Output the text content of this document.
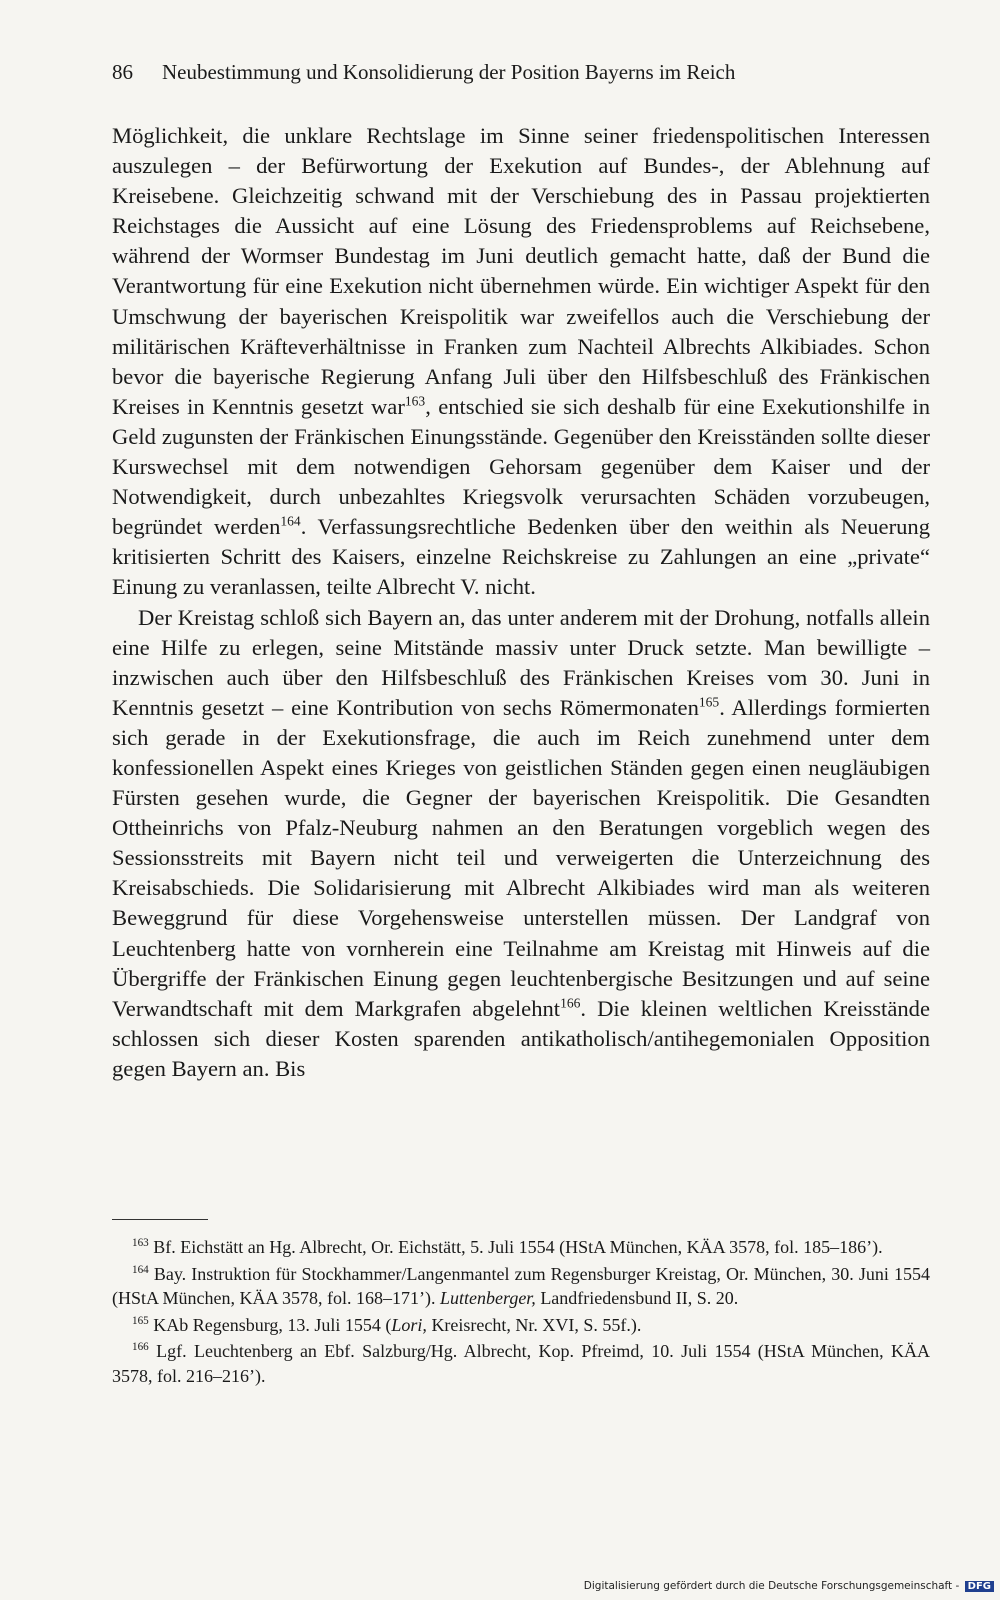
86 Neubestimmung und Konsolidierung der Position Bayerns im Reich

Möglichkeit, die unklare Rechtslage im Sinne seiner friedenspolitischen Interessen auszulegen – der Befürwortung der Exekution auf Bundes-, der Ablehnung auf Kreisebene. Gleichzeitig schwand mit der Verschiebung des in Passau projektierten Reichstages die Aussicht auf eine Lösung des Friedensproblems auf Reichsebene, während der Wormser Bundestag im Juni deutlich gemacht hatte, daß der Bund die Verantwortung für eine Exekution nicht übernehmen würde. Ein wichtiger Aspekt für den Umschwung der bayerischen Kreispolitik war zweifellos auch die Verschiebung der militärischen Kräfteverhältnisse in Franken zum Nachteil Albrechts Alkibiades. Schon bevor die bayerische Regierung Anfang Juli über den Hilfsbeschluß des Fränkischen Kreises in Kenntnis gesetzt war$^{163}$, entschied sie sich deshalb für eine Exekutionshilfe in Geld zugunsten der Fränkischen Einungsstände. Gegenüber den Kreisständen sollte dieser Kurswechsel mit dem notwendigen Gehorsam gegenüber dem Kaiser und der Notwendigkeit, durch unbezahltes Kriegsvolk verursachten Schäden vorzubeugen, begründet werden$^{164}$. Verfassungsrechtliche Bedenken über den weithin als Neuerung kritisierten Schritt des Kaisers, einzelne Reichskreise zu Zahlungen an eine „private“ Einung zu veranlassen, teilte Albrecht V. nicht.

Der Kreistag schloß sich Bayern an, das unter anderem mit der Drohung, notfalls allein eine Hilfe zu erlegen, seine Mitstände massiv unter Druck setzte. Man bewilligte – inzwischen auch über den Hilfsbeschluß des Fränkischen Kreises vom 30. Juni in Kenntnis gesetzt – eine Kontribution von sechs Römermonaten$^{165}$. Allerdings formierten sich gerade in der Exekutionsfrage, die auch im Reich zunehmend unter dem konfessionellen Aspekt eines Krieges von geistlichen Ständen gegen einen neugläubigen Fürsten gesehen wurde, die Gegner der bayerischen Kreispolitik. Die Gesandten Ottheinrichs von Pfalz-Neuburg nahmen an den Beratungen vorgeblich wegen des Sessionsstreits mit Bayern nicht teil und verweigerten die Unterzeichnung des Kreisabschieds. Die Solidarisierung mit Albrecht Alkibiades wird man als weiteren Beweggrund für diese Vorgehensweise unterstellen müssen. Der Landgraf von Leuchtenberg hatte von vornherein eine Teilnahme am Kreistag mit Hinweis auf die Übergriffe der Fränkischen Einung gegen leuchtenbergische Besitzungen und auf seine Verwandtschaft mit dem Markgrafen abgelehnt$^{166}$. Die kleinen weltlichen Kreisstände schlossen sich dieser Kosten sparenden antikatholisch/antihegemonialen Opposition gegen Bayern an. Bis

$^{163}$ Bf. Eichstätt an Hg. Albrecht, Or. Eichstätt, 5. Juli 1554 (HStA München, KÄA 3578, fol. 185–186’).

$^{164}$ Bay. Instruktion für Stockhammer/Langenmantel zum Regensburger Kreistag, Or. München, 30. Juni 1554 (HStA München, KÄA 3578, fol. 168–171’). Luttenberger, Landfriedensbund II, S. 20.

$^{165}$ KAb Regensburg, 13. Juli 1554 (Lori, Kreisrecht, Nr. XVI, S. 55f.).

$^{166}$ Lgf. Leuchtenberg an Ebf. Salzburg/Hg. Albrecht, Kop. Pfreimd, 10. Juli 1554 (HStA München, KÄA 3578, fol. 216–216’).

Digitalisierung gefördert durch die Deutsche Forschungsgemeinschaft - DFG
